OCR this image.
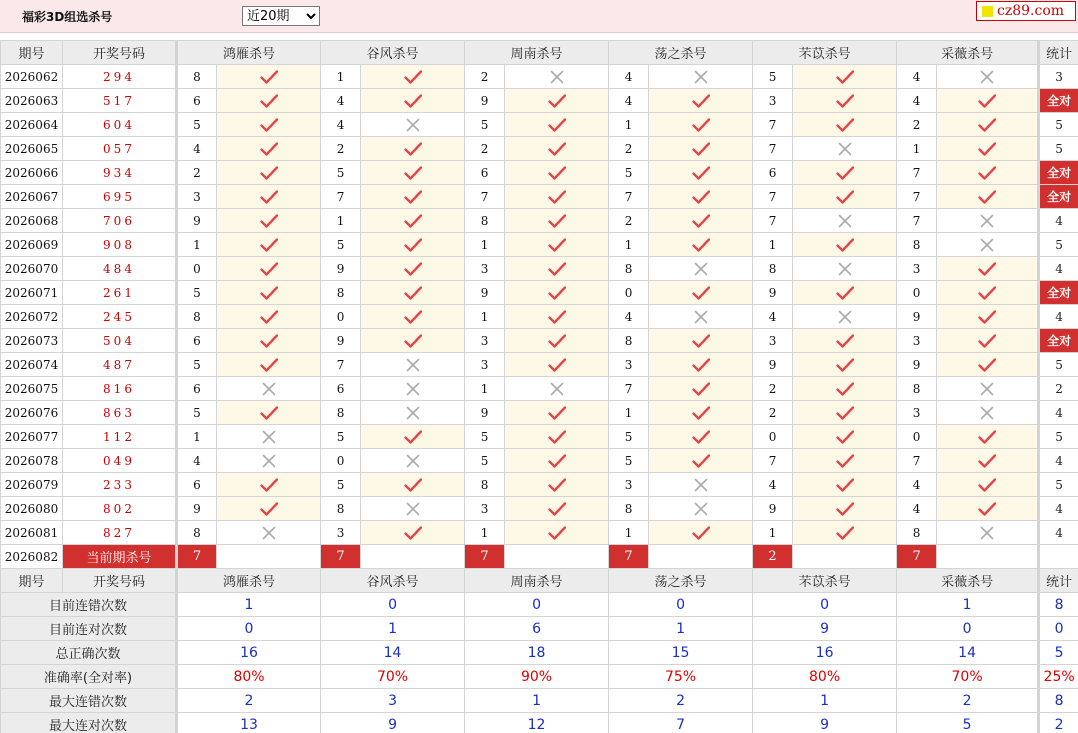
福彩3D组选杀号
近20期	cz89.com
期号	开奖号码	鸿雁杀号		谷风杀号		周南杀号		荡之杀号		芣苡杀号		采薇杀号		统计
2026062	294	8		1		2		4		5		4		3
2026063	517	6		4		9		4		3		4		全对
2026064	604	5		4		5		1		7		2		5
2026065	057	4		2		2		2		7		1		5
2026066	934	2		5		6		5		6		7		全对
2026067	695	3		7		7		7		7		7		全对
2026068	706	9		1		8		2		7		7		4
2026069	908	1		5		1		1		1		8		5
2026070	484	0		9		3		8		8		3		4
2026071	261	5		8		9		0		9		0		全对
2026072	245	8		0		1		4		4		9		4
2026073	504	6		9		3		8		3		3		全对
2026074	487	5		7		3		3		9		9		5
2026075	816	6		6		1		7		2		8		2
2026076	863	5		8		9		1		2		3		4
2026077	112	1		5		5		5		0		0		5
2026078	049	4		0		5		5		7		7		4
2026079	233	6		5		8		3		4		4		5
2026080	802	9		8		3		8		9		4		4
2026081	827	8		3		1		1		1		8		4
2026082	当前期杀号	7		7		7		7		2		7		
期号	开奖号码	鸿雁杀号		谷风杀号		周南杀号		荡之杀号		芣苡杀号		采薇杀号		统计
目前连错次数		1		0		0		0		0		1		8
目前连对次数		0		1		6		1		9		0		0
总正确次数		16		14		18		15		16		14		5
准确率(全对率)		80%		70%		90%		75%		80%		70%		25%
最大连错次数		2		3		1		2		1		2		8
最大连对次数		13		9		12		7		9		5		2
